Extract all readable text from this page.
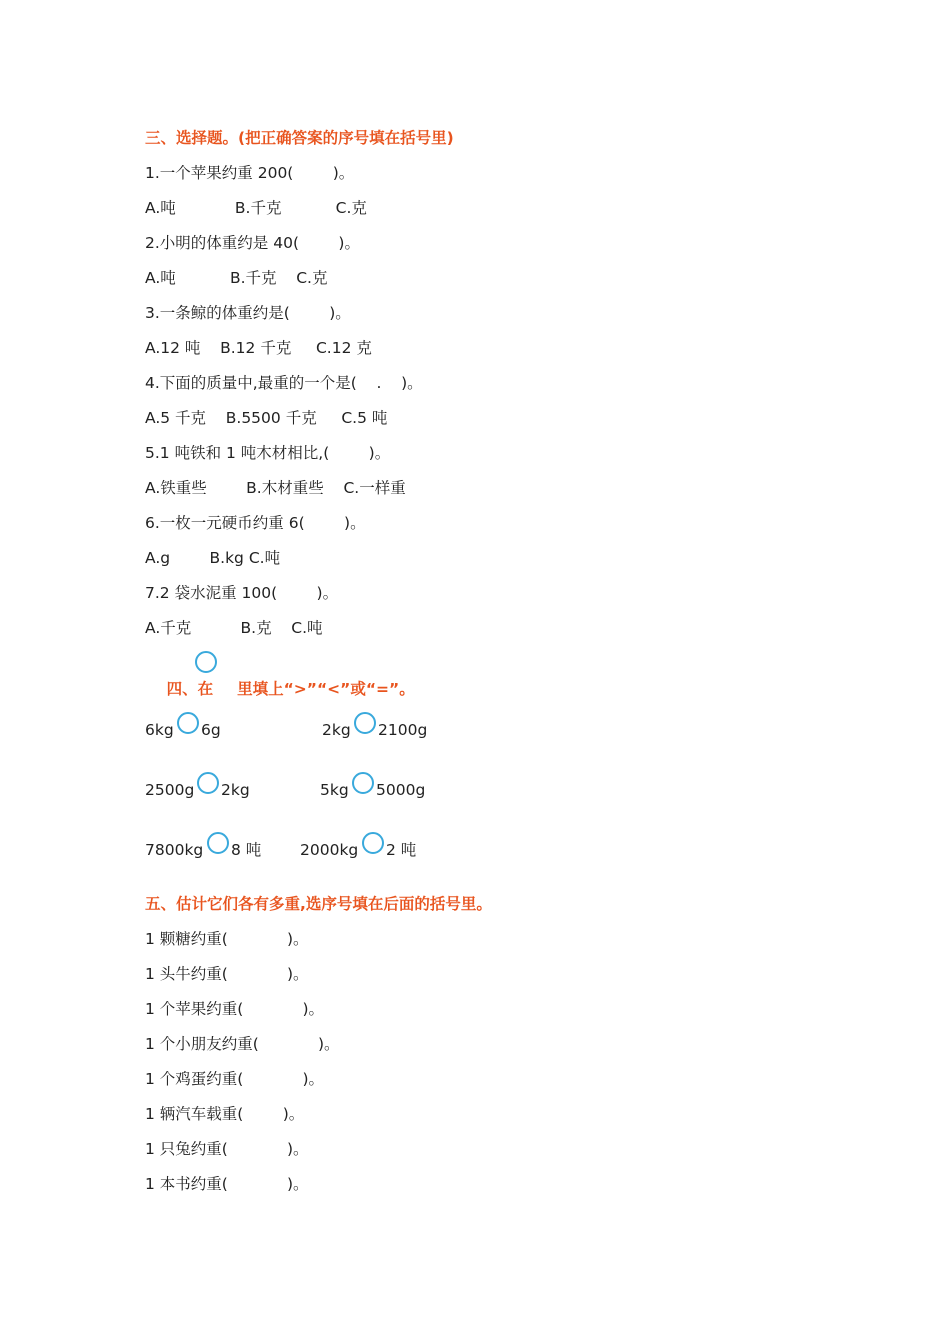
三、选择题。(把正确答案的序号填在括号里)
1.一个苹果约重 200(        )。
A.吨            B.千克           C.克
2.小明的体重约是 40(        )。
A.吨           B.千克    C.克
3.一条鲸的体重约是(        )。
A.12 吨    B.12 千克     C.12 克
4.下面的质量中,最重的一个是(    .    )。
A.5 千克    B.5500 千克     C.5 吨
5.1 吨铁和 1 吨木材相比,(        )。
A.铁重些        B.木材重些    C.一样重
6.一枚一元硬币约重 6(        )。
A.g        B.kg C.吨
7.2 袋水泥重 100(        )。
A.千克          B.克    C.吨

四、在 里填上“>”“<”或“=”。

6kg 6g	2kg 2100g
2500g 2kg	5kg 5000g
7800kg 8 吨 2000kg 2 吨
五、估计它们各有多重,选序号填在后面的括号里。
1 颗糖约重(            )。
1 头牛约重(            )。
1 个苹果约重(            )。
1 个小朋友约重(            )。
1 个鸡蛋约重(            )。
1 辆汽车载重(        )。
1 只兔约重(            )。
1 本书约重(            )。
